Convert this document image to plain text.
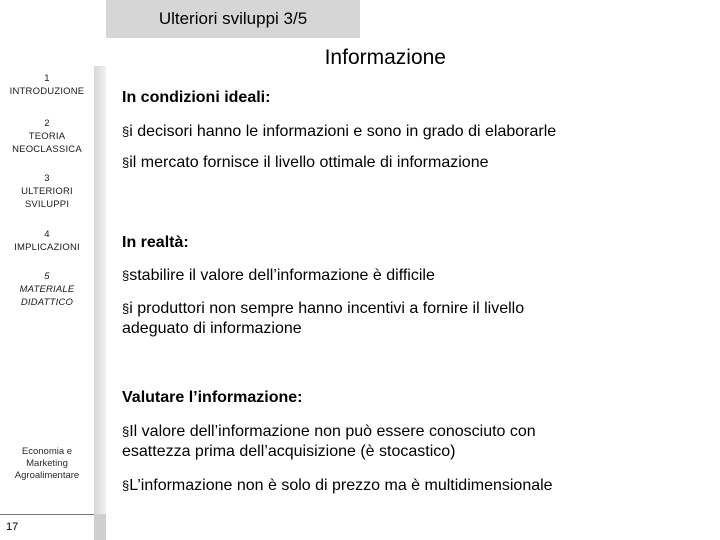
Ulteriori sviluppi 3/5
Informazione
1
INTRODUZIONE
2
TEORIA NEOCLASSICA
3
ULTERIORI SVILUPPI
4
IMPLICAZIONI
5
MATERIALE DIDATTICO
Economia e Marketing Agroalimentare
17
In condizioni ideali:
§i decisori hanno le informazioni e sono in grado di elaborarle
§il mercato fornisce il livello ottimale di informazione
In realtà:
§stabilire il valore dell’informazione è difficile
§i produttori non sempre hanno incentivi a fornire il livello adeguato di informazione
Valutare l’informazione:
§Il valore dell’informazione non può essere conosciuto con esattezza prima dell’acquisizione (è stocastico)
§L’informazione non è solo di prezzo ma è multidimensionale
